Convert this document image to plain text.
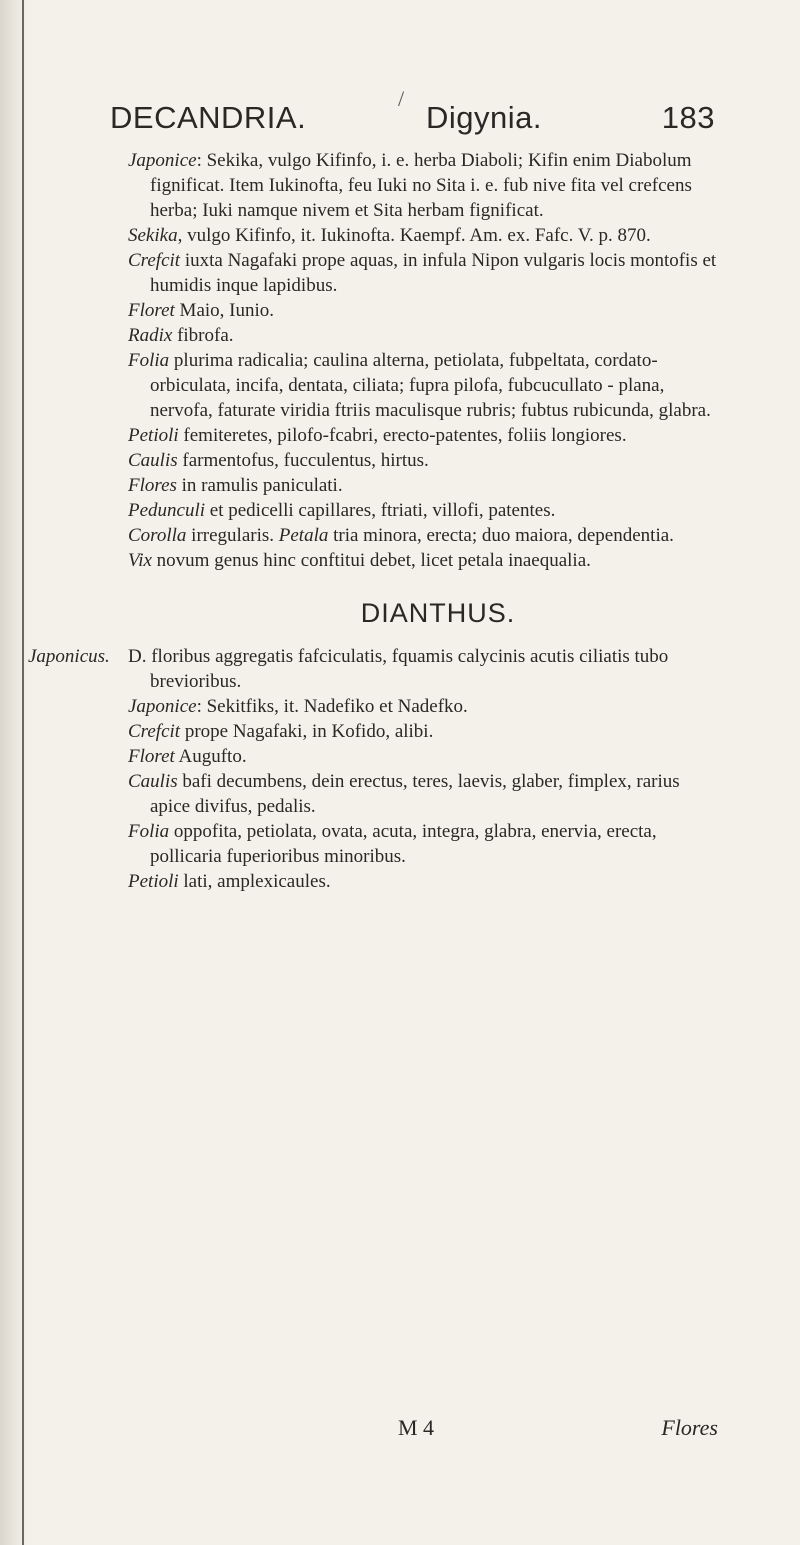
/
DECANDRIA.	Digynia.	183

Japonice: Sekika, vulgo Kifinfo, i. e. herba Diaboli; Kifin enim Diabolum fignificat. Item Iukinofta, feu Iuki no Sita i. e. fub nive fita vel crefcens herba; Iuki namque nivem et Sita herbam fignificat.

Sekika, vulgo Kifinfo, it. Iukinofta. Kaempf. Am. ex. Fafc. V. p. 870.

Crefcit iuxta Nagafaki prope aquas, in infula Nipon vulgaris locis montofis et humidis inque lapidibus.

Floret Maio, Iunio.

Radix fibrofa.

Folia plurima radicalia; caulina alterna, petiolata, fubpeltata, cordato-orbiculata, incifa, dentata, ciliata; fupra pilofa, fubcucullato - plana, nervofa, faturate viridia ftriis maculisque rubris; fubtus rubicunda, glabra.

Petioli femiteretes, pilofo-fcabri, erecto-patentes, foliis longiores.

Caulis farmentofus, fucculentus, hirtus.

Flores in ramulis paniculati.

Pedunculi et pedicelli capillares, ftriati, villofi, patentes.

Corolla irregularis. Petala tria minora, erecta; duo maiora, dependentia.

Vix novum genus hinc conftitui debet, licet petala inaequalia.

DIANTHUS.
Japonicus. D. floribus aggregatis fafciculatis, fquamis calycinis acutis ciliatis tubo brevioribus.

Japonice: Sekitfiks, it. Nadefiko et Nadefko.

Crefcit prope Nagafaki, in Kofido, alibi.

Floret Augufto.

Caulis bafi decumbens, dein erectus, teres, laevis, glaber, fimplex, rarius apice divifus, pedalis.

Folia oppofita, petiolata, ovata, acuta, integra, glabra, enervia, erecta, pollicaria fuperioribus minoribus.

Petioli lati, amplexicaules.

M 4	Flores
